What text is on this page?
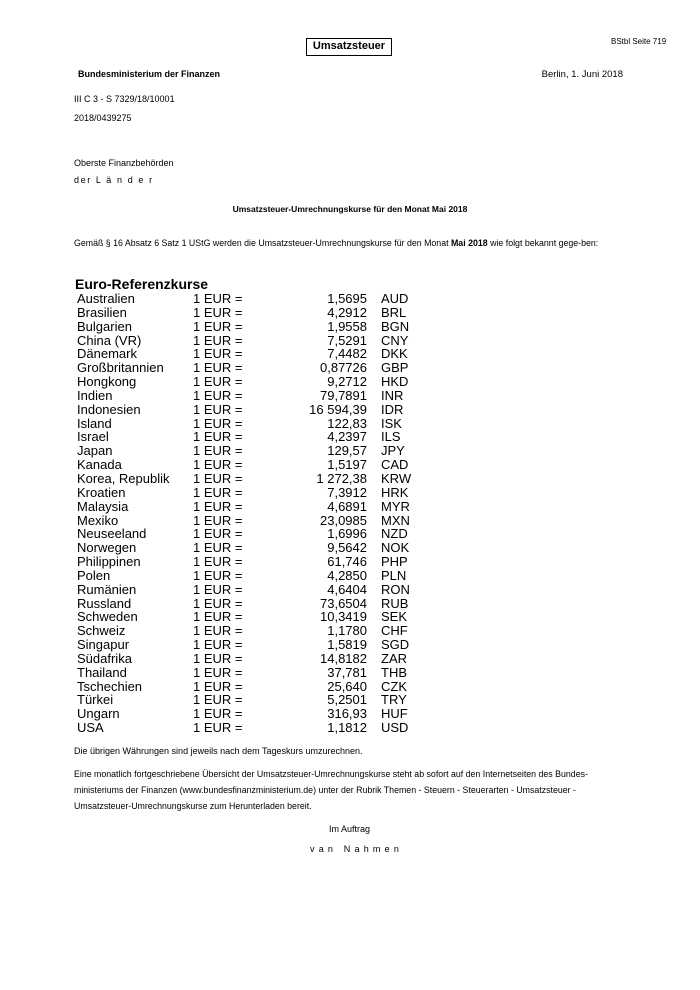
Umsatzsteuer	BStbl Seite 719
Bundesministerium der Finanzen	Berlin, 1. Juni 2018
III C 3 - S 7329/18/10001
2018/0439275
Oberste Finanzbehörden
der L ä n d e r
Umsatzsteuer-Umrechnungskurse für den Monat Mai 2018
Gemäß § 16 Absatz 6 Satz 1 UStG werden die Umsatzsteuer-Umrechnungskurse für den Monat Mai 2018 wie folgt bekannt gege-ben:
Euro-Referenzkurse
Australien	1 EUR =	1,5695 AUD
Brasilien	1 EUR =	4,2912 BRL
Bulgarien	1 EUR =	1,9558 BGN
China (VR)	1 EUR =	7,5291 CNY
Dänemark	1 EUR =	7,4482 DKK
Großbritannien 1 EUR =	0,87726 GBP
Hongkong	1 EUR =	9,2712 HKD
Indien	1 EUR =	79,7891 INR
Indonesien	1 EUR =	16 594,39 IDR
Island	1 EUR =	122,83 ISK
Israel	1 EUR =	4,2397 ILS
Japan	1 EUR =	129,57 JPY
Kanada	1 EUR =	1,5197 CAD
Korea, Republik 1 EUR =	1 272,38 KRW
Kroatien	1 EUR =	7,3912 HRK
Malaysia	1 EUR =	4,6891 MYR
Mexiko	1 EUR =	23,0985 MXN
Neuseeland	1 EUR =	1,6996 NZD
Norwegen	1 EUR =	9,5642 NOK
Philippinen	1 EUR =	61,746 PHP
Polen	1 EUR =	4,2850 PLN
Rumänien	1 EUR =	4,6404 RON
Russland	1 EUR =	73,6504 RUB
Schweden	1 EUR =	10,3419 SEK
Schweiz	1 EUR =	1,1780 CHF
Singapur	1 EUR =	1,5819 SGD
Südafrika	1 EUR =	14,8182 ZAR
Thailand	1 EUR =	37,781 THB
Tschechien	1 EUR =	25,640 CZK
Türkei	1 EUR =	5,2501 TRY
Ungarn	1 EUR =	316,93 HUF
USA	1 EUR =	1,1812 USD
Die übrigen Währungen sind jeweils nach dem Tageskurs umzurechnen.
Eine monatlich fortgeschriebene Übersicht der Umsatzsteuer-Umrechnungskurse steht ab sofort auf den Internetseiten des Bundes-ministeriums der Finanzen (www.bundesfinanzministerium.de) unter der Rubrik Themen - Steuern - Steuerarten - Umsatzsteuer - Umsatzsteuer-Umrechnungskurse zum Herunterladen bereit.
Im Auftrag
van Nahmen
